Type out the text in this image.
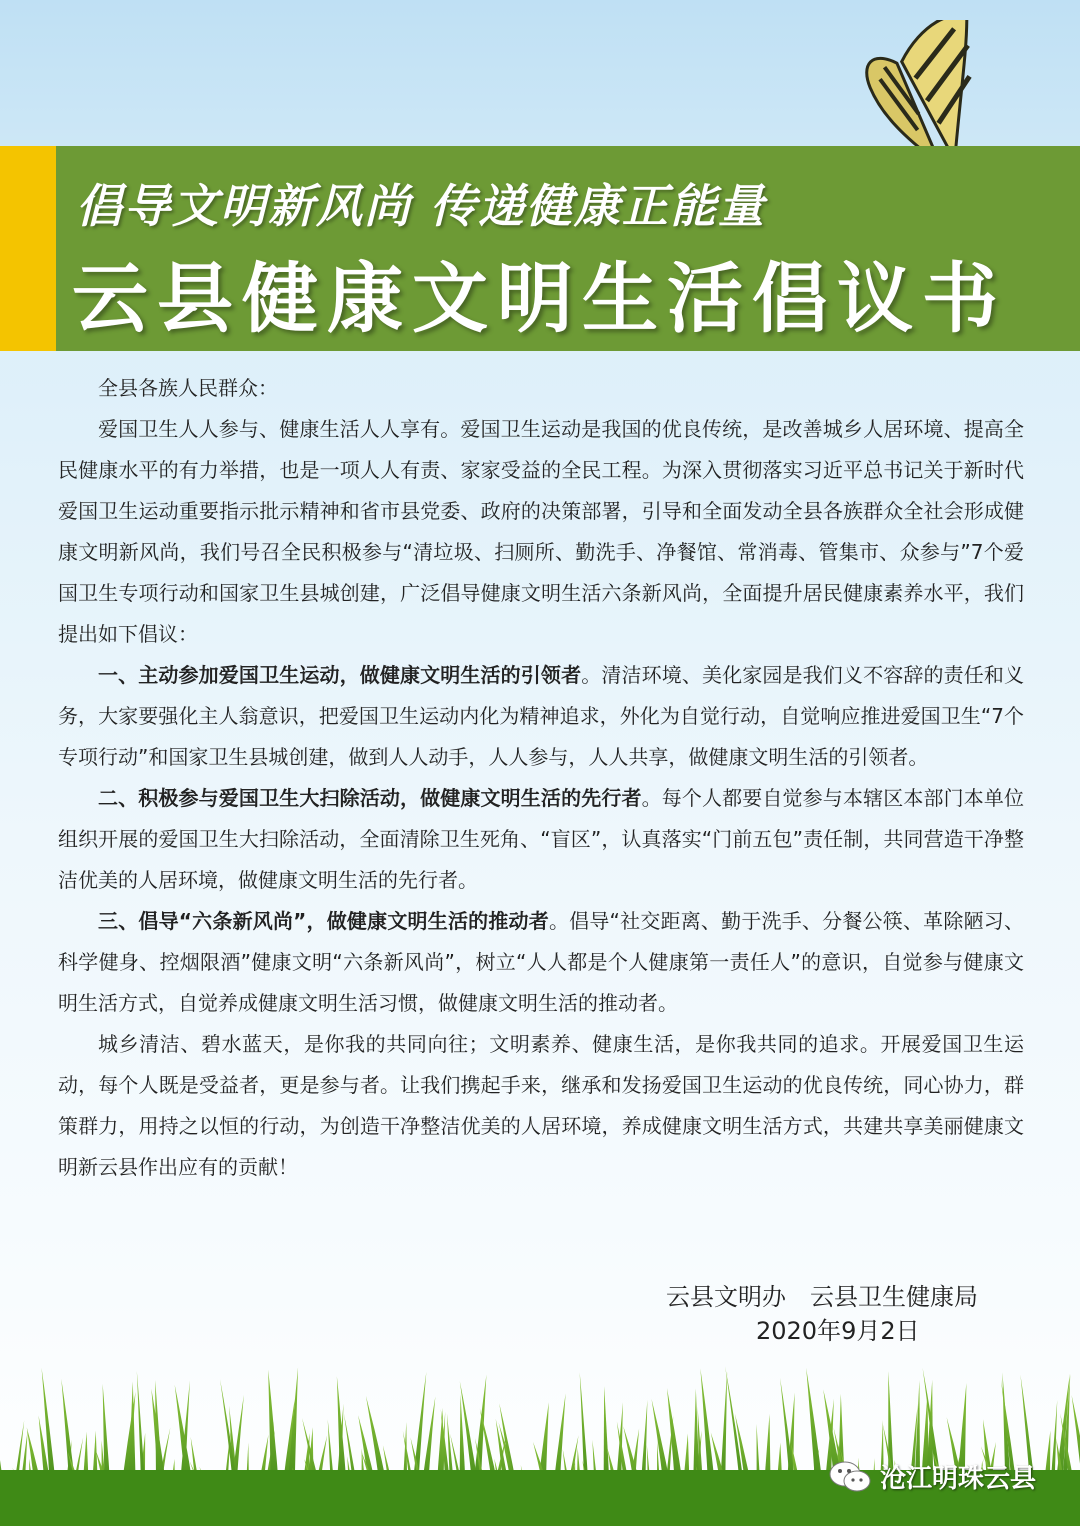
倡导文明新风尚 传递健康正能量
云县健康文明生活倡议书

全县各族人民群众：

爱国卫生人人参与、健康生活人人享有。爱国卫生运动是我国的优良传统，是改善城乡人居环境、提高全民健康水平的有力举措，也是一项人人有责、家家受益的全民工程。为深入贯彻落实习近平总书记关于新时代爱国卫生运动重要指示批示精神和省市县党委、政府的决策部署，引导和全面发动全县各族群众全社会形成健康文明新风尚，我们号召全民积极参与“清垃圾、扫厕所、勤洗手、净餐馆、常消毒、管集市、众参与”7个爱国卫生专项行动和国家卫生县城创建，广泛倡导健康文明生活六条新风尚，全面提升居民健康素养水平，我们提出如下倡议：

一、主动参加爱国卫生运动，做健康文明生活的引领者。清洁环境、美化家园是我们义不容辞的责任和义务，大家要强化主人翁意识，把爱国卫生运动内化为精神追求，外化为自觉行动，自觉响应推进爱国卫生“7个专项行动”和国家卫生县城创建，做到人人动手，人人参与，人人共享，做健康文明生活的引领者。

二、积极参与爱国卫生大扫除活动，做健康文明生活的先行者。每个人都要自觉参与本辖区本部门本单位组织开展的爱国卫生大扫除活动，全面清除卫生死角、“盲区”，认真落实“门前五包”责任制，共同营造干净整洁优美的人居环境，做健康文明生活的先行者。

三、倡导“六条新风尚”，做健康文明生活的推动者。倡导“社交距离、勤于洗手、分餐公筷、革除陋习、科学健身、控烟限酒”健康文明“六条新风尚”，树立“人人都是个人健康第一责任人”的意识，自觉参与健康文明生活方式，自觉养成健康文明生活习惯，做健康文明生活的推动者。

城乡清洁、碧水蓝天，是你我的共同向往；文明素养、健康生活，是你我共同的追求。开展爱国卫生运动，每个人既是受益者，更是参与者。让我们携起手来，继承和发扬爱国卫生运动的优良传统，同心协力，群策群力，用持之以恒的行动，为创造干净整洁优美的人居环境，养成健康文明生活方式，共建共享美丽健康文明新云县作出应有的贡献！

云县文明办　云县卫生健康局
2020年9月2日
沧江明珠云县
